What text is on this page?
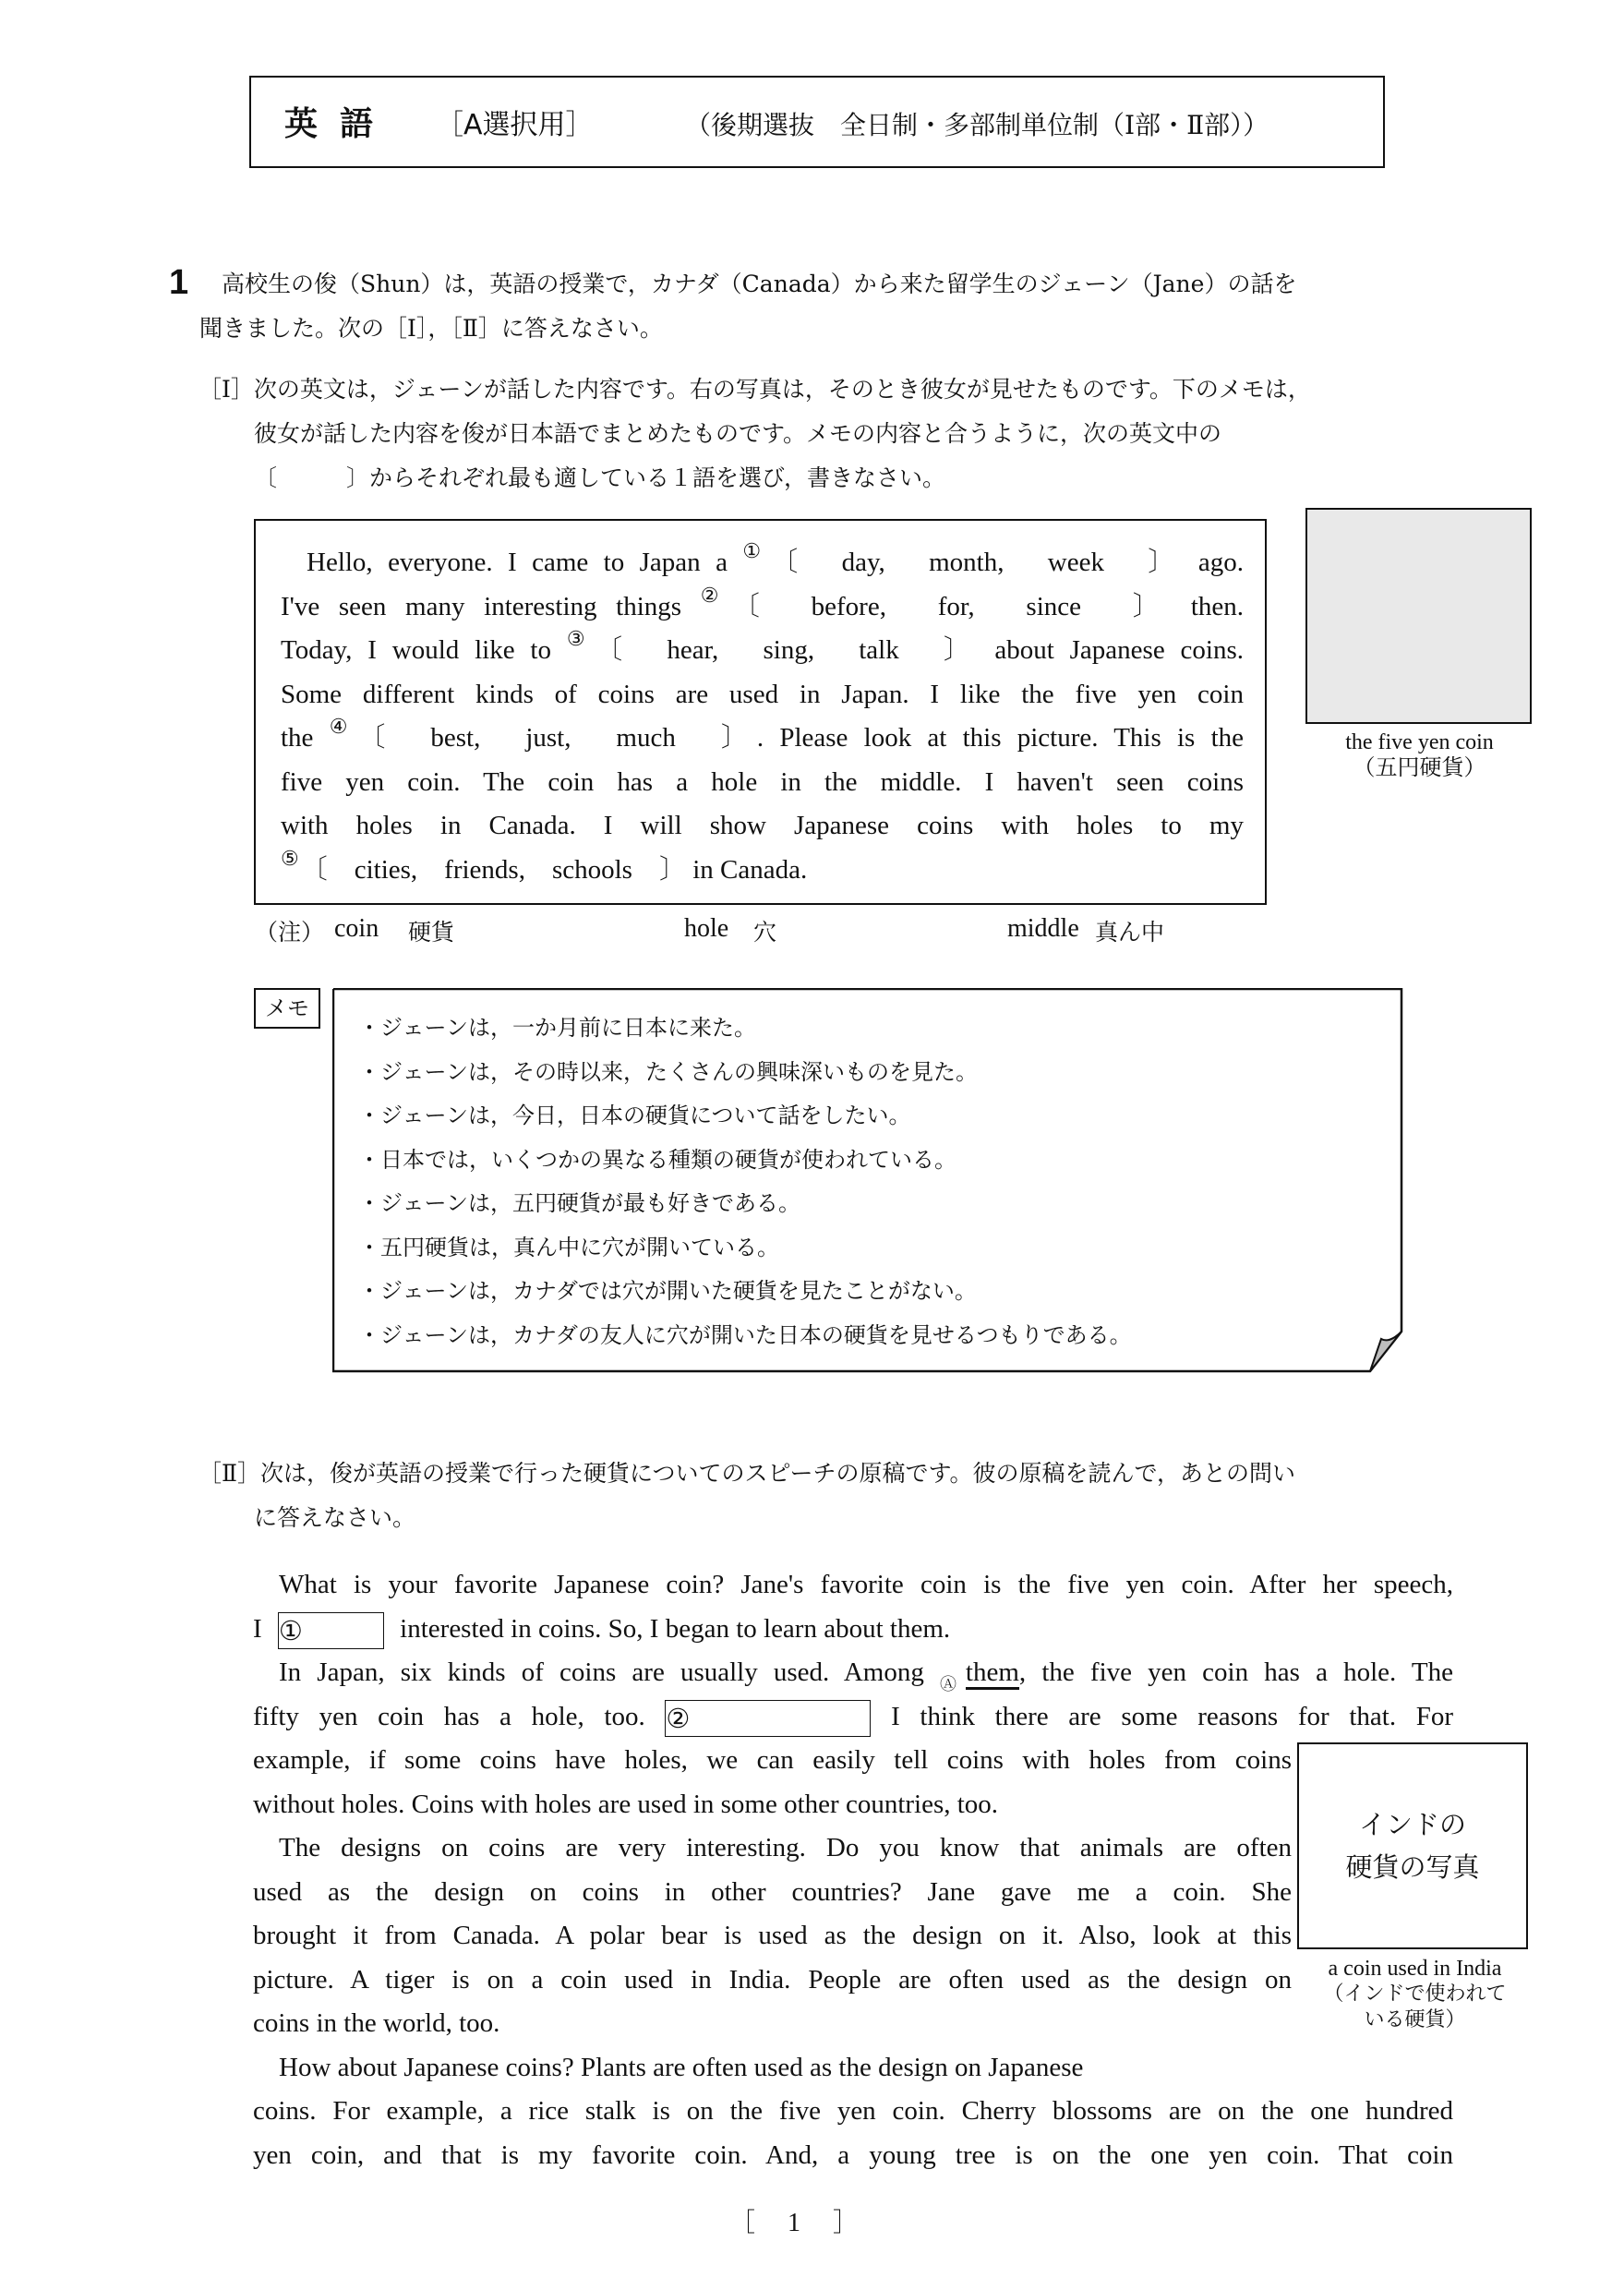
英語 ［A選択用］	（後期選抜　全日制・多部制単位制（Ⅰ部・Ⅱ部））
1 高校生の俊（Shun）は，英語の授業で，カナダ（Canada）から来た留学生のジェーン（Jane）の話を
聞きました。次の［Ⅰ］，［Ⅱ］に答えなさい。
［Ⅰ］次の英文は，ジェーンが話した内容です。右の写真は，そのとき彼女が見せたものです。下のメモは，
彼女が話した内容を俊が日本語でまとめたものです。メモの内容と合うように，次の英文中の
〔　　　〕からそれぞれ最も適している１語を選び，書きなさい。
Hello, everyone. I came to Japan a ①〔　day,　month,　week　〕 ago.
I've seen many interesting things ②〔　before,　for,　since　〕 then.
Today, I would like to ③〔　hear,　sing,　talk　〕 about Japanese coins.
Some different kinds of coins are used in Japan. I like the five yen coin
the ④〔　best,　just,　much　〕. Please look at this picture. This is the
five yen coin. The coin has a hole in the middle. I haven't seen coins
with holes in Canada. I will show Japanese coins with holes to my
⑤〔　cities,　friends,　schools　〕 in Canada.
the five yen coin
（五円硬貨）
（注） coin 硬貨	hole 穴	middle 真ん中
メモ
・ジェーンは，一か月前に日本に来た。
・ジェーンは，その時以来，たくさんの興味深いものを見た。
・ジェーンは，今日，日本の硬貨について話をしたい。
・日本では，いくつかの異なる種類の硬貨が使われている。
・ジェーンは，五円硬貨が最も好きである。
・五円硬貨は，真ん中に穴が開いている。
・ジェーンは，カナダでは穴が開いた硬貨を見たことがない。
・ジェーンは，カナダの友人に穴が開いた日本の硬貨を見せるつもりである。
［Ⅱ］次は，俊が英語の授業で行った硬貨についてのスピーチの原稿です。彼の原稿を読んで，あとの問い
に答えなさい。
What is your favorite Japanese coin? Jane's favorite coin is the five yen coin. After her speech,
I ①	interested in coins. So, I began to learn about them.
In Japan, six kinds of coins are usually used. Among $_Ⓐ$them, the five yen coin has a hole. The
fifty yen coin has a hole, too. ②	I think there are some reasons for that. For
example, if some coins have holes, we can easily tell coins with holes from coins
without holes. Coins with holes are used in some other countries, too.
The designs on coins are very interesting. Do you know that animals are often
used as the design on coins in other countries? Jane gave me a coin. She
brought it from Canada. A polar bear is used as the design on it. Also, look at this
picture. A tiger is on a coin used in India. People are often used as the design on
coins in the world, too.
How about Japanese coins? Plants are often used as the design on Japanese
coins. For example, a rice stalk is on the five yen coin. Cherry blossoms are on the one hundred
yen coin, and that is my favorite coin. And, a young tree is on the one yen coin. That coin
インドの
硬貨の写真
a coin used in India
（インドで使われて
いる硬貨）
［　 1　 ］
